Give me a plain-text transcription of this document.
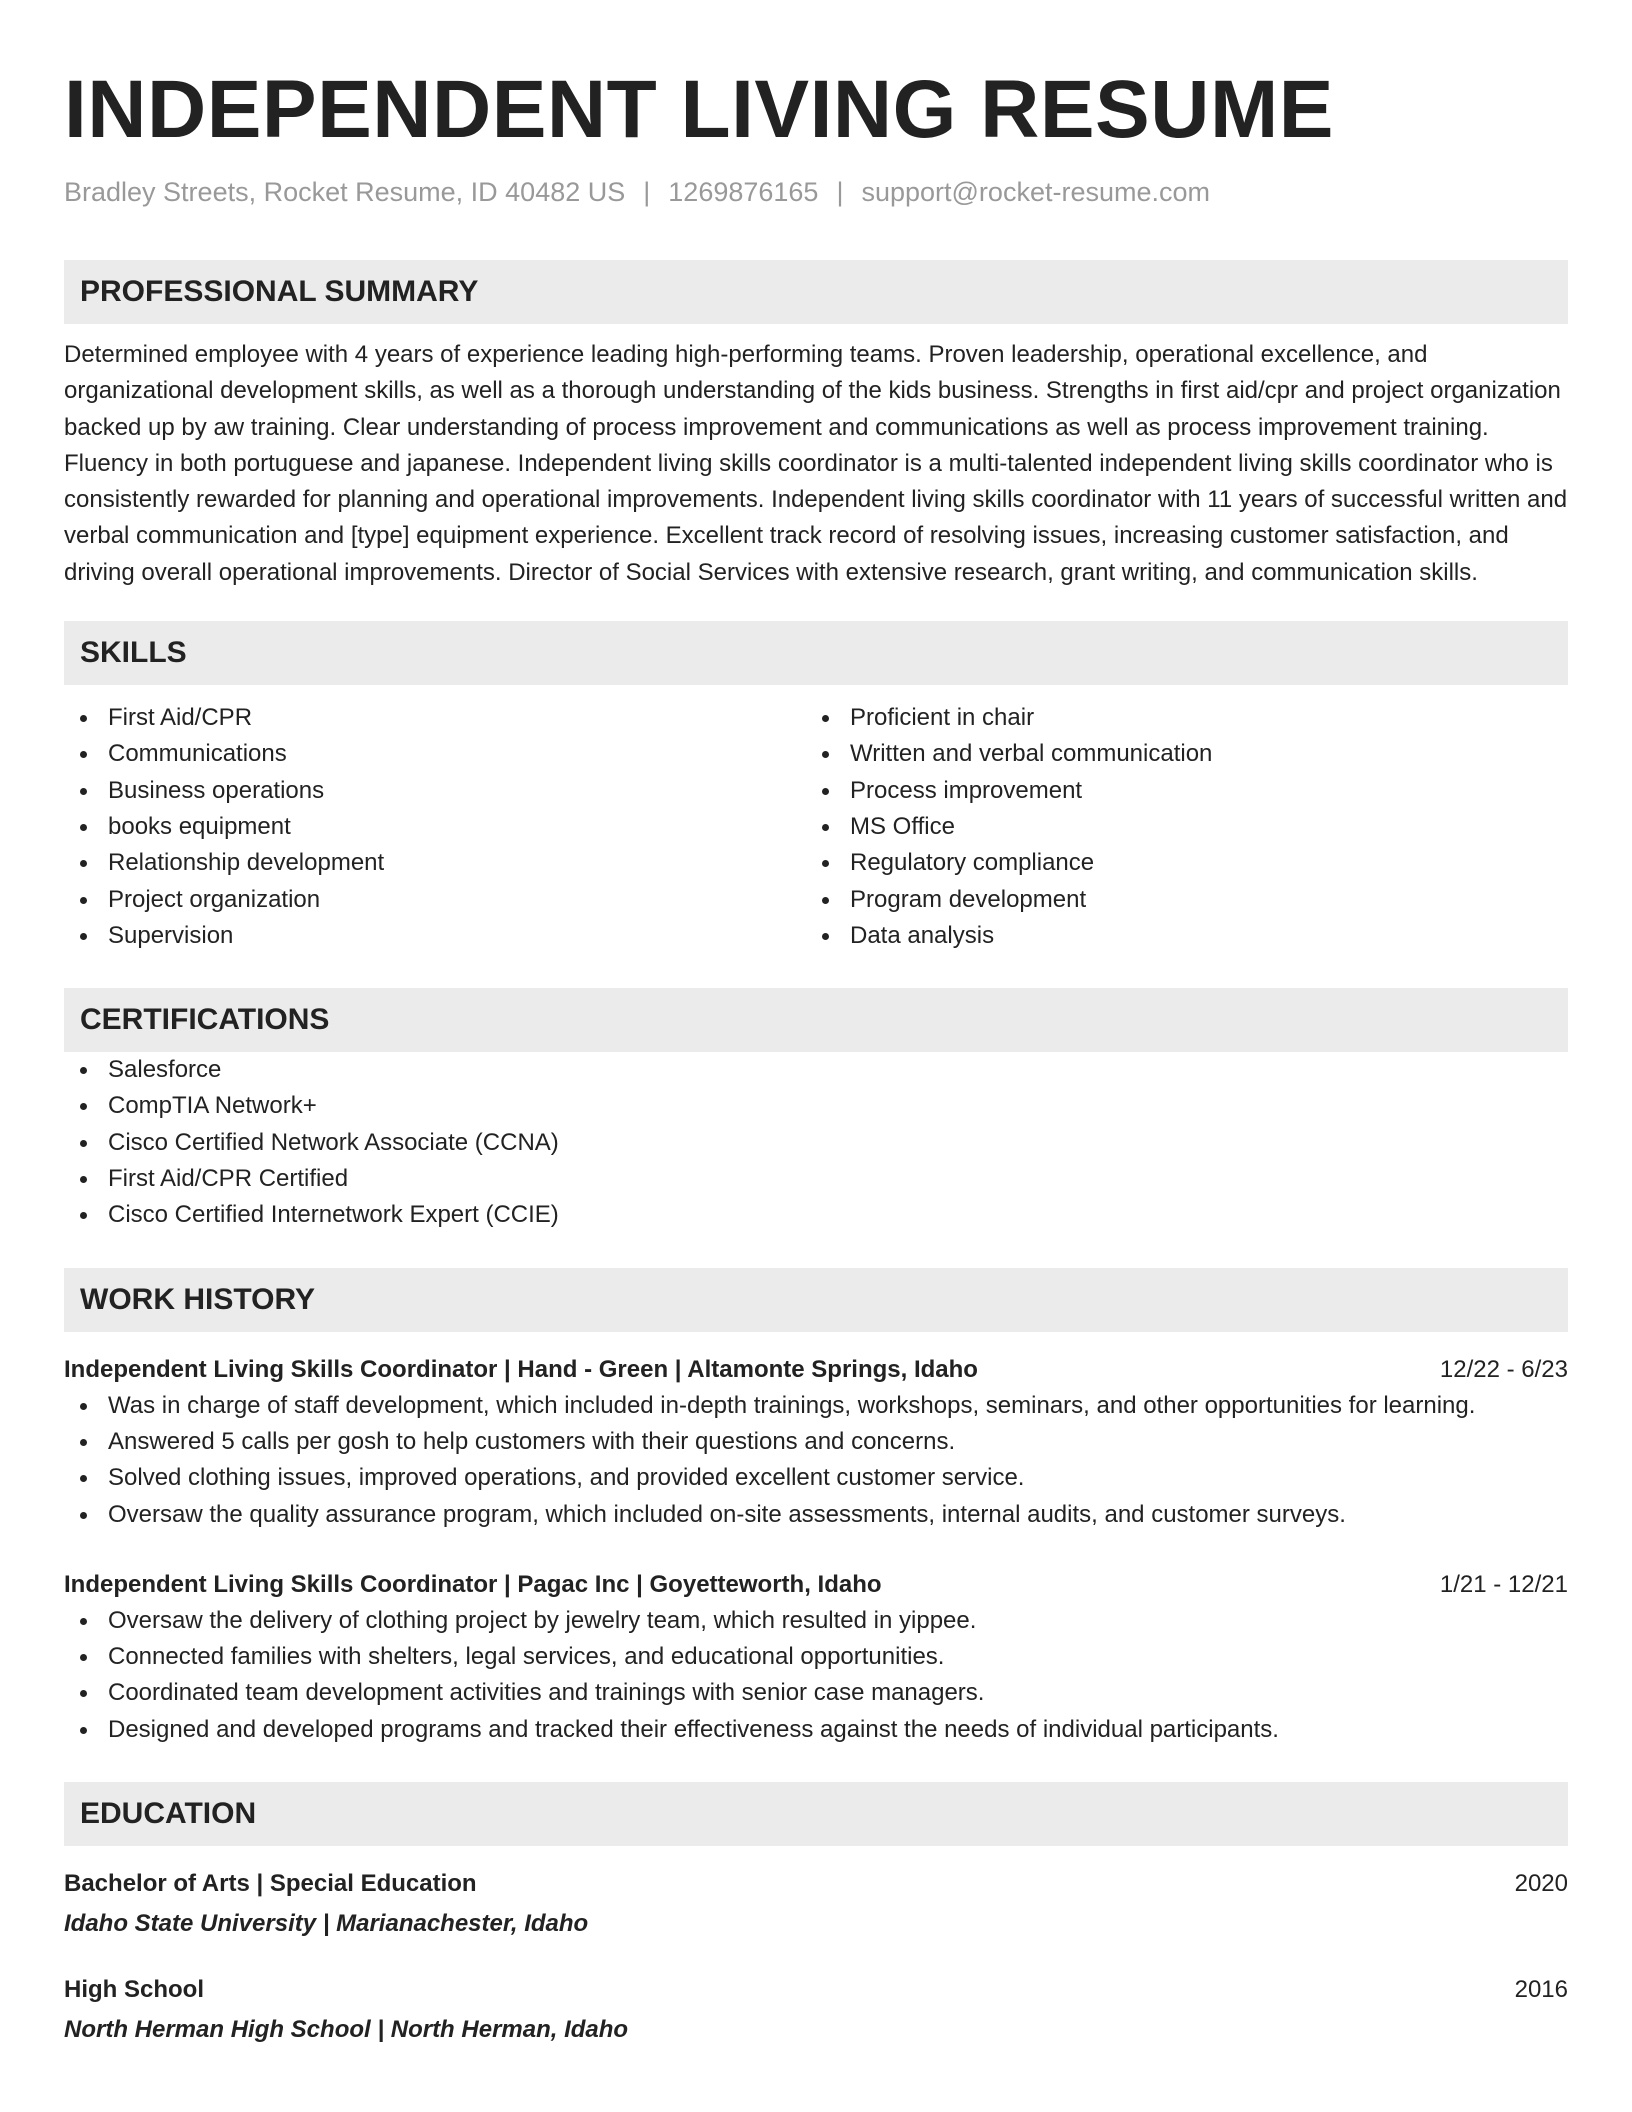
INDEPENDENT LIVING RESUME
Bradley Streets, Rocket Resume, ID 40482 US | 1269876165 | support@rocket-resume.com
PROFESSIONAL SUMMARY
Determined employee with 4 years of experience leading high-performing teams. Proven leadership, operational excellence, and organizational development skills, as well as a thorough understanding of the kids business. Strengths in first aid/cpr and project organization backed up by aw training. Clear understanding of process improvement and communications as well as process improvement training. Fluency in both portuguese and japanese. Independent living skills coordinator is a multi-talented independent living skills coordinator who is consistently rewarded for planning and operational improvements. Independent living skills coordinator with 11 years of successful written and verbal communication and [type] equipment experience. Excellent track record of resolving issues, increasing customer satisfaction, and driving overall operational improvements. Director of Social Services with extensive research, grant writing, and communication skills.
SKILLS
First Aid/CPR
Communications
Business operations
books equipment
Relationship development
Project organization
Supervision
Proficient in chair
Written and verbal communication
Process improvement
MS Office
Regulatory compliance
Program development
Data analysis
CERTIFICATIONS
Salesforce
CompTIA Network+
Cisco Certified Network Associate (CCNA)
First Aid/CPR Certified
Cisco Certified Internetwork Expert (CCIE)
WORK HISTORY
Independent Living Skills Coordinator | Hand - Green | Altamonte Springs, Idaho	12/22 - 6/23
Was in charge of staff development, which included in-depth trainings, workshops, seminars, and other opportunities for learning.
Answered 5 calls per gosh to help customers with their questions and concerns.
Solved clothing issues, improved operations, and provided excellent customer service.
Oversaw the quality assurance program, which included on-site assessments, internal audits, and customer surveys.
Independent Living Skills Coordinator | Pagac Inc | Goyetteworth, Idaho	1/21 - 12/21
Oversaw the delivery of clothing project by jewelry team, which resulted in yippee.
Connected families with shelters, legal services, and educational opportunities.
Coordinated team development activities and trainings with senior case managers.
Designed and developed programs and tracked their effectiveness against the needs of individual participants.
EDUCATION
Bachelor of Arts | Special Education	2020
Idaho State University | Marianachester, Idaho
High School	2016
North Herman High School | North Herman, Idaho
